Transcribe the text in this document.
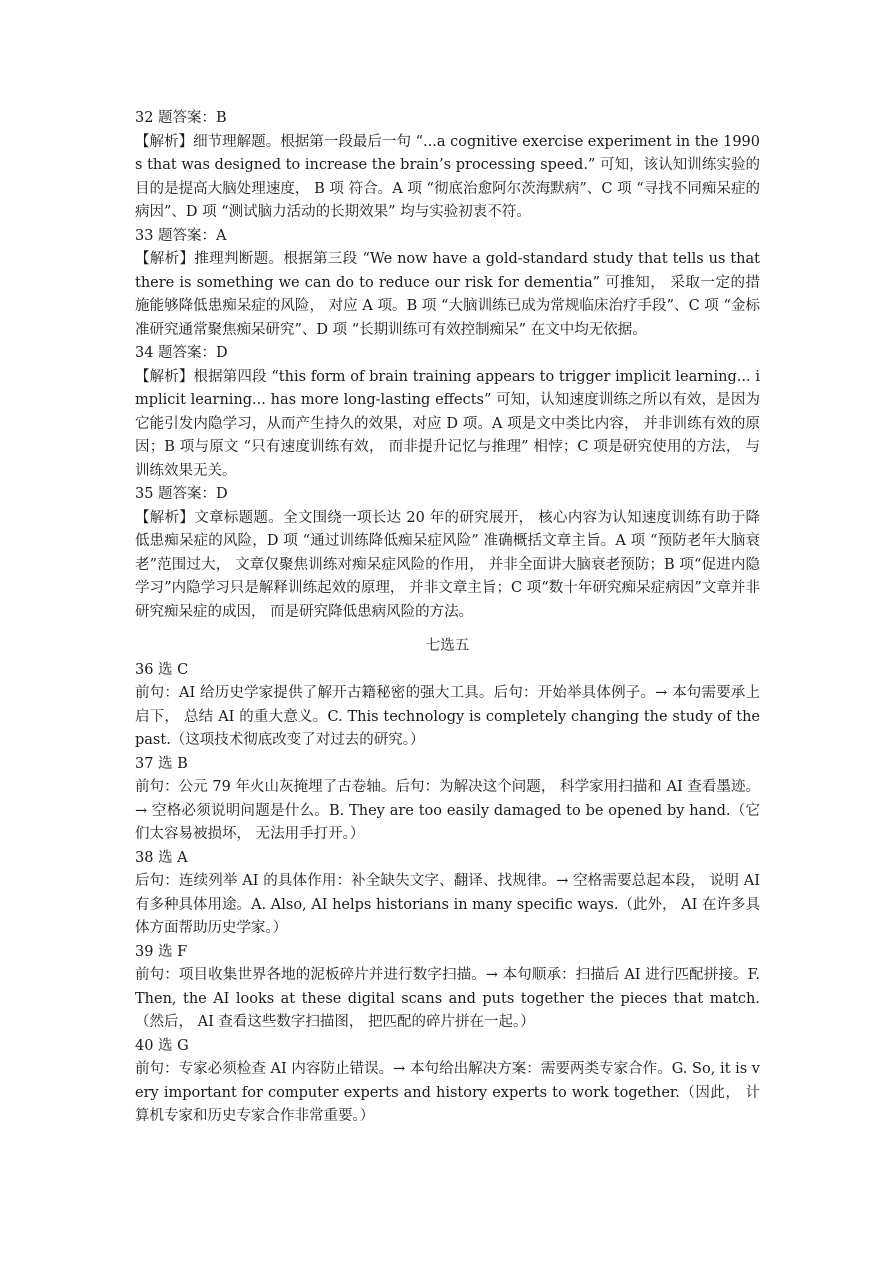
32 题答案：B

【解析】细节理解题。根据第一段最后一句 “...a cognitive exercise experiment in the 1990s that was designed to increase the brain’s processing speed.” 可知，该认知训练实验的目的是提高大脑处理速度， B 项 符合。A 项 “彻底治愈阿尔茨海默病”、C 项 “寻找不同痴呆症的病因”、D 项 “测试脑力活动的长期效果” 均与实验初衷不符。

33 题答案：A

【解析】推理判断题。根据第三段 “We now have a gold-standard study that tells us that there is something we can do to reduce our risk for dementia” 可推知， 采取一定的措施能够降低患痴呆症的风险， 对应 A 项。B 项 “大脑训练已成为常规临床治疗手段”、C 项 “金标准研究通常聚焦痴呆研究”、D 项 “长期训练可有效控制痴呆” 在文中均无依据。

34 题答案：D

【解析】根据第四段 “this form of brain training appears to trigger implicit learning... implicit learning... has more long-lasting effects” 可知，认知速度训练之所以有效，是因为它能引发内隐学习，从而产生持久的效果，对应 D 项。A 项是文中类比内容， 并非训练有效的原因；B 项与原文 “只有速度训练有效， 而非提升记忆与推理” 相悖；C 项是研究使用的方法， 与训练效果无关。

35 题答案：D

【解析】文章标题题。全文围绕一项长达 20 年的研究展开， 核心内容为认知速度训练有助于降低患痴呆症的风险，D 项 “通过训练降低痴呆症风险” 准确概括文章主旨。A 项 “预防老年大脑衰老”范围过大， 文章仅聚焦训练对痴呆症风险的作用， 并非全面讲大脑衰老预防；B 项“促进内隐学习”内隐学习只是解释训练起效的原理， 并非文章主旨；C 项“数十年研究痴呆症病因”文章并非研究痴呆症的成因， 而是研究降低患病风险的方法。

七选五

36 选 C

前句：AI 给历史学家提供了解开古籍秘密的强大工具。后句：开始举具体例子。→ 本句需要承上启下， 总结 AI 的重大意义。C. This technology is completely changing the study of the past.（这项技术彻底改变了对过去的研究。）

37 选 B

前句：公元 79 年火山灰掩埋了古卷轴。后句：为解决这个问题， 科学家用扫描和 AI 查看墨迹。→ 空格必须说明问题是什么。B. They are too easily damaged to be opened by hand.（它们太容易被损坏， 无法用手打开。）

38 选 A

后句：连续列举 AI 的具体作用：补全缺失文字、翻译、找规律。→ 空格需要总起本段， 说明 AI 有多种具体用途。A. Also, AI helps historians in many specific ways.（此外， AI 在许多具体方面帮助历史学家。）

39 选 F

前句：项目收集世界各地的泥板碎片并进行数字扫描。→ 本句顺承：扫描后 AI 进行匹配拼接。F. Then, the AI looks at these digital scans and puts together the pieces that match.（然后， AI 查看这些数字扫描图， 把匹配的碎片拼在一起。）

40 选 G

前句：专家必须检查 AI 内容防止错误。→ 本句给出解决方案：需要两类专家合作。G. So, it is very important for computer experts and history experts to work together.（因此， 计算机专家和历史专家合作非常重要。）
